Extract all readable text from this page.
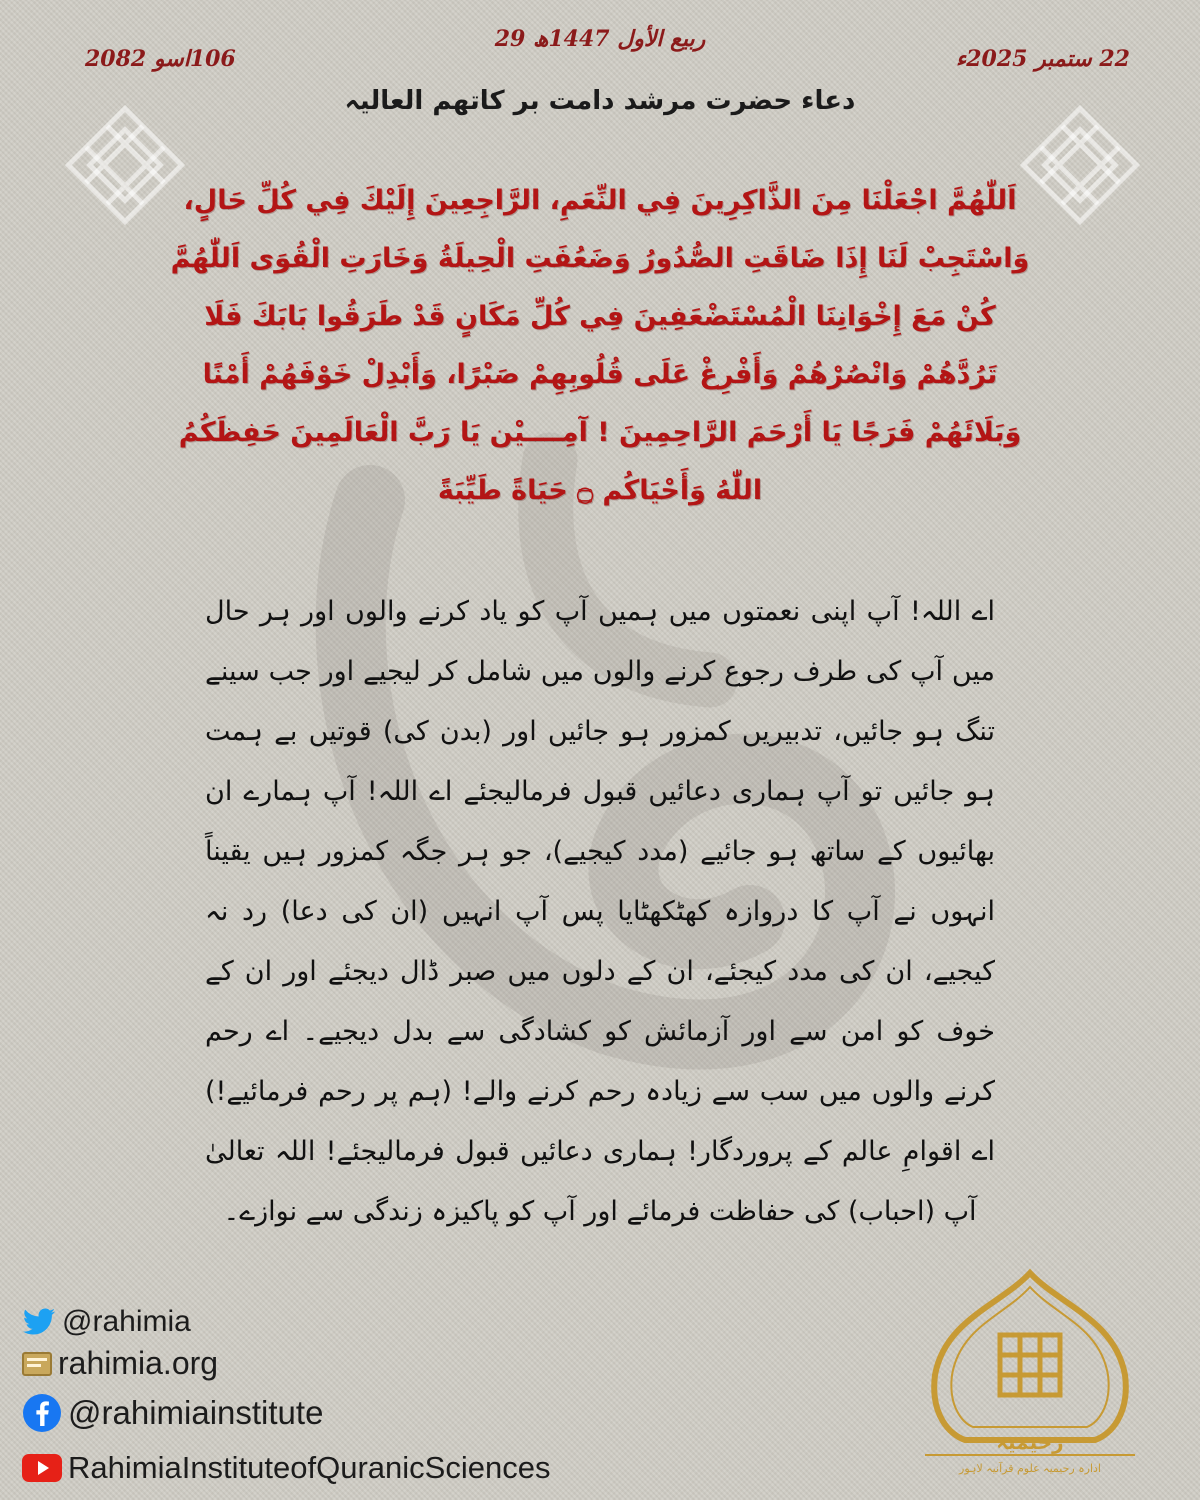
29 ربیع الأول 1447ھ
22 ستمبر 2025ء
106اسو 2082
دعاء حضرت مرشد دامت بر کاتھم العالیہ
اَللّٰهُمَّ اجْعَلْنَا مِنَ الذَّاكِرِينَ فِي النِّعَمِ، الرَّاجِعِينَ إِلَيْكَ فِي كُلِّ حَالٍ، وَاسْتَجِبْ لَنَا إِذَا ضَاقَتِ الصُّدُورُ وَضَعُفَتِ الْحِيلَةُ وَخَارَتِ الْقُوَى اَللّٰهُمَّ كُنْ مَعَ إِخْوَانِنَا الْمُسْتَضْعَفِينَ فِي كُلِّ مَكَانٍ قَدْ طَرَقُوا بَابَكَ فَلَا تَرُدَّهُمْ وَانْصُرْهُمْ وَأَفْرِغْ عَلَى قُلُوبِهِمْ صَبْرًا، وَأَبْدِلْ خَوْفَهُمْ أَمْنًا وَبَلَائَهُمْ فَرَجًا يَا أَرْحَمَ الرَّاحِمِينَ ! آمِــــيْن يَا رَبَّ الْعَالَمِينَ حَفِظَكُمُ اللّٰهُ وَأَحْيَاكُم ۝ حَيَاةً طَيِّبَةً
اے اللہ! آپ اپنی نعمتوں میں ہمیں آپ کو یاد کرنے والوں اور ہر حال میں آپ کی طرف رجوع کرنے والوں میں شامل کر لیجیے اور جب سینے تنگ ہو جائیں، تدبیریں کمزور ہو جائیں اور (بدن کی) قوتیں بے ہمت ہو جائیں تو آپ ہماری دعائیں قبول فرمالیجئے اے اللہ! آپ ہمارے ان بھائیوں کے ساتھ ہو جائیے (مدد کیجیے)، جو ہر جگہ کمزور ہیں یقیناً انہوں نے آپ کا دروازہ کھٹکھٹایا پس آپ انہیں (ان کی دعا) رد نہ کیجیے، ان کی مدد کیجئے، ان کے دلوں میں صبر ڈال دیجئے اور ان کے خوف کو امن سے اور آزمائش کو کشادگی سے بدل دیجیے۔ اے رحم کرنے والوں میں سب سے زیادہ رحم کرنے والے! (ہم پر رحم فرمائیے!) اے اقوامِ عالم کے پروردگار! ہماری دعائیں قبول فرمالیجئے! اللہ تعالیٰ آپ (احباب) کی حفاظت فرمائے اور آپ کو پاکیزہ زندگی سے نوازے۔
@rahimia
rahimia.org
@rahimiainstitute
RahimiaInstituteofQuranicSciences
رحیمیہ
ادارہ رحیمیہ علوم قرآنیہ لاہور
